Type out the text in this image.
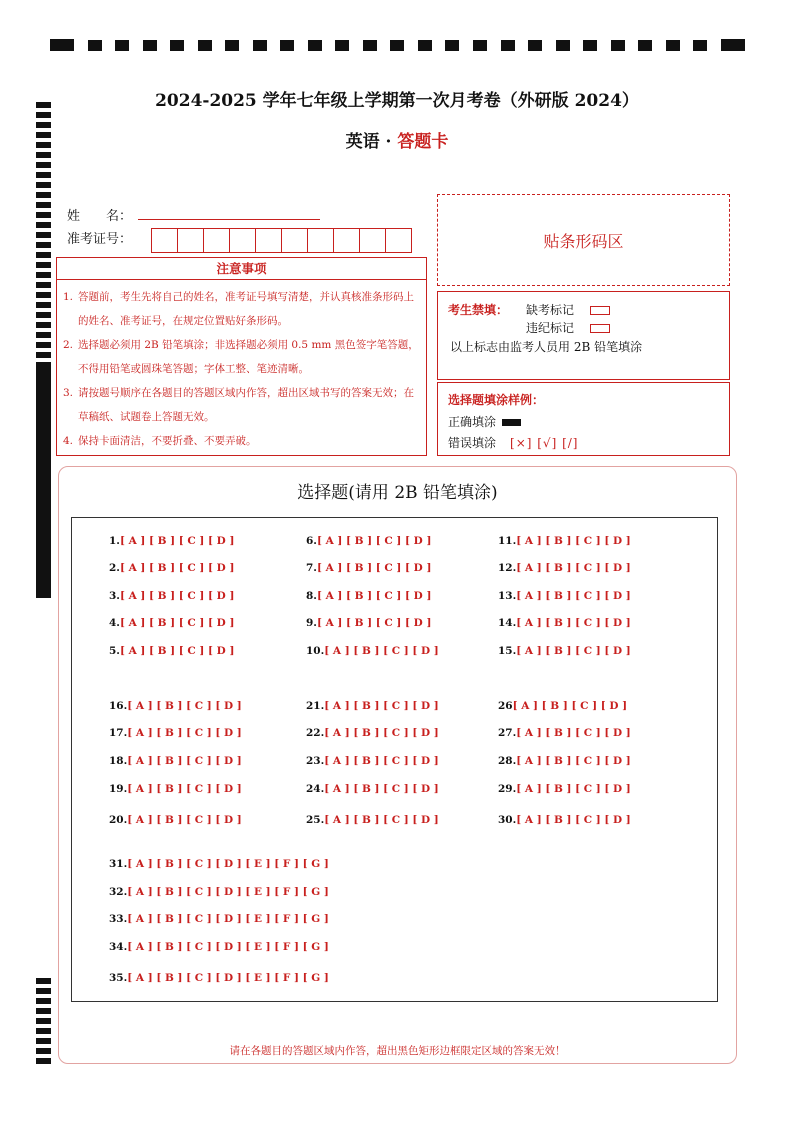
2024-2025 学年七年级上学期第一次月考卷（外研版 2024）
英语 · 答题卡
姓　　名：
准考证号：	贴条形码区
注意事项
1. 答题前，考生先将自己的姓名，准考证号填写清楚，并认真核准条形码上的姓名、准考证号，在规定位置贴好条形码。
2. 选择题必须用 2B 铅笔填涂；非选择题必须用 0.5 mm 黑色签字笔答题，不得用铅笔或圆珠笔答题；字体工整、笔迹清晰。
3. 请按题号顺序在各题目的答题区域内作答，超出区域书写的答案无效；在草稿纸、试题卷上答题无效。
4. 保持卡面清洁，不要折叠、不要弄破。
考生禁填： 缺考标记
违纪标记
以上标志由监考人员用 2B 铅笔填涂
选择题填涂样例：
正确填涂
错误填涂 [×] [√] [/]
选择题(请用 2B 铅笔填涂)
1.[ A ] [ B ] [ C ] [ D ]
2.[ A ] [ B ] [ C ] [ D ]
3.[ A ] [ B ] [ C ] [ D ]
4.[ A ] [ B ] [ C ] [ D ]
5.[ A ] [ B ] [ C ] [ D ]
6.[ A ] [ B ] [ C ] [ D ]
7.[ A ] [ B ] [ C ] [ D ]
8.[ A ] [ B ] [ C ] [ D ]
9.[ A ] [ B ] [ C ] [ D ]
10.[ A ] [ B ] [ C ] [ D ]
11.[ A ] [ B ] [ C ] [ D ]
12.[ A ] [ B ] [ C ] [ D ]
13.[ A ] [ B ] [ C ] [ D ]
14.[ A ] [ B ] [ C ] [ D ]
15.[ A ] [ B ] [ C ] [ D ]
16.[ A ] [ B ] [ C ] [ D ]
17.[ A ] [ B ] [ C ] [ D ]
18.[ A ] [ B ] [ C ] [ D ]
19.[ A ] [ B ] [ C ] [ D ]
20.[ A ] [ B ] [ C ] [ D ]
21.[ A ] [ B ] [ C ] [ D ]
22.[ A ] [ B ] [ C ] [ D ]
23.[ A ] [ B ] [ C ] [ D ]
24.[ A ] [ B ] [ C ] [ D ]
25.[ A ] [ B ] [ C ] [ D ]
26[ A ] [ B ] [ C ] [ D ]
27.[ A ] [ B ] [ C ] [ D ]
28.[ A ] [ B ] [ C ] [ D ]
29.[ A ] [ B ] [ C ] [ D ]
30.[ A ] [ B ] [ C ] [ D ]
31.[ A ] [ B ] [ C ] [ D ] [ E ] [ F ] [ G ]
32.[ A ] [ B ] [ C ] [ D ] [ E ] [ F ] [ G ]
33.[ A ] [ B ] [ C ] [ D ] [ E ] [ F ] [ G ]
34.[ A ] [ B ] [ C ] [ D ] [ E ] [ F ] [ G ]
35.[ A ] [ B ] [ C ] [ D ] [ E ] [ F ] [ G ]
请在各题目的答题区域内作答，超出黑色矩形边框限定区域的答案无效！
